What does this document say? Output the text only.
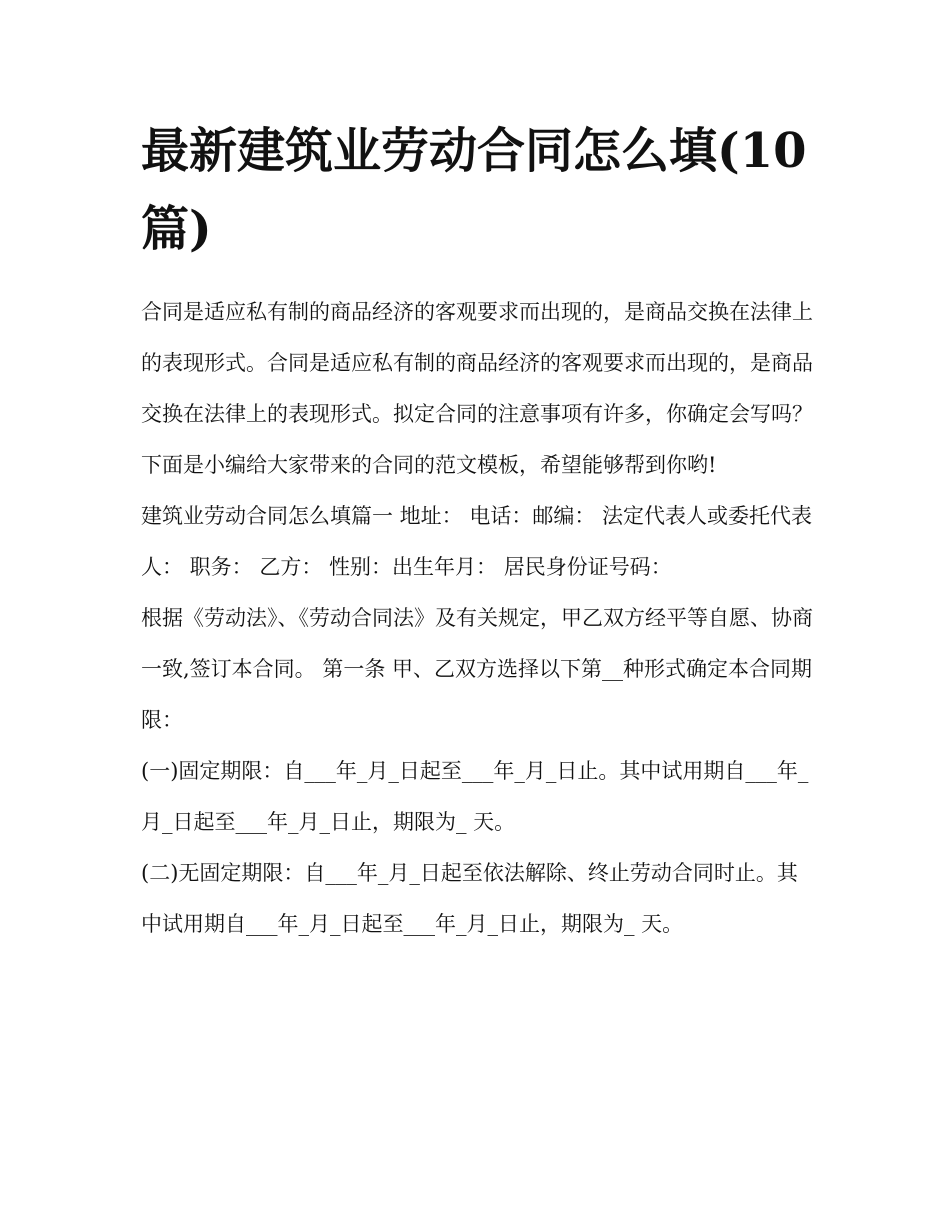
最新建筑业劳动合同怎么填(10篇)

合同是适应私有制的商品经济的客观要求而出现的，是商品交换在法律上的表现形式。合同是适应私有制的商品经济的客观要求而出现的，是商品交换在法律上的表现形式。拟定合同的注意事项有许多，你确定会写吗？下面是小编给大家带来的合同的范文模板，希望能够帮到你哟!

建筑业劳动合同怎么填篇一 地址： 电话：邮编： 法定代表人或委托代表人： 职务： 乙方： 性别：出生年月： 居民身份证号码：

根据《劳动法》、《劳动合同法》及有关规定，甲乙双方经平等自愿、协商一致,签订本合同。 第一条 甲、乙双方选择以下第__种形式确定本合同期限：

(一)固定期限：自___年_月_日起至___年_月_日止。其中试用期自___年_月_日起至___年_月_日止，期限为_ 天。

(二)无固定期限：自___年_月_日起至依法解除、终止劳动合同时止。其中试用期自___年_月_日起至___年_月_日止，期限为_ 天。
